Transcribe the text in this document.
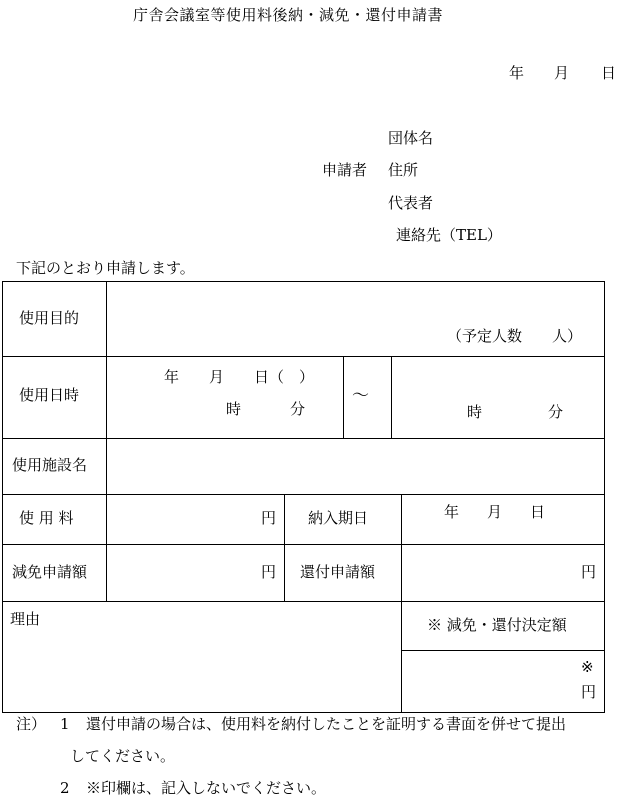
庁舎会議室等使用料後納・減免・還付申請書
年 月 日
団体名
申請者 住所
代表者
連絡先（TEL）
下記のとおり申請します。
使用目的
（予定人数　　人）
使用日時
年　　月　　日（　）
時	分
～
時	分
使用施設名
使 用 料	円 納入期日	年 月 日
減免申請額	円 還付申請額	円
理由	※ 減免・還付決定額
※
円
注） 1 還付申請の場合は、使用料を納付したことを証明する書面を併せて提出
してください。
2 ※印欄は、記入しないでください。
